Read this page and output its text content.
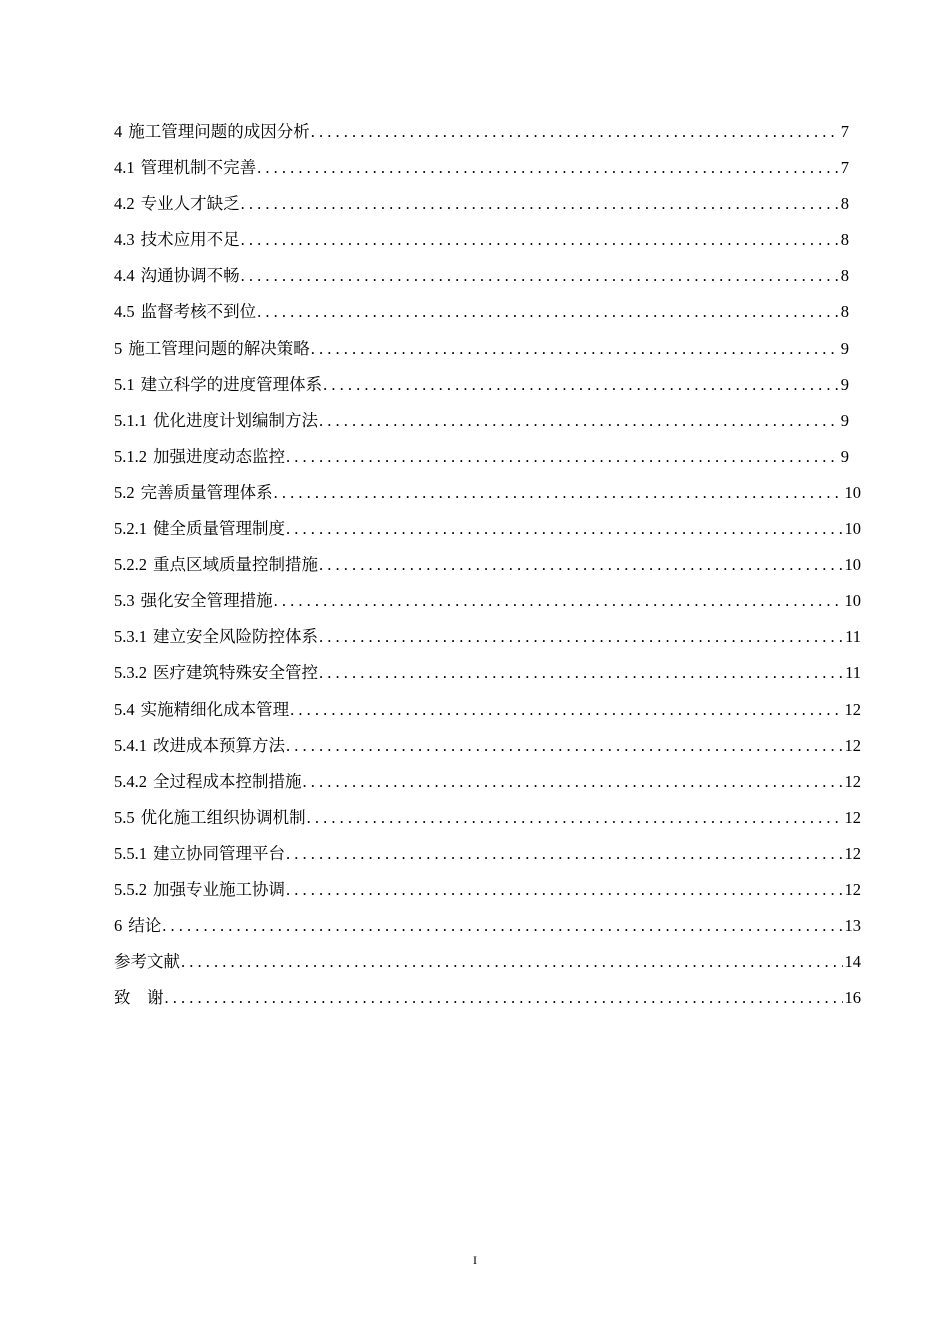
4 施工管理问题的成因分析 . . .	7
4.1 管理机制不完善 . . .	7
4.2 专业人才缺乏 . . .	8
4.3 技术应用不足 . . .	8
4.4 沟通协调不畅 . . .	8
4.5 监督考核不到位 . . .	8
5 施工管理问题的解决策略 . . .	9
5.1 建立科学的进度管理体系 . . .	9
5.1.1 优化进度计划编制方法 . . .	9
5.1.2 加强进度动态监控 . . .	9
5.2 完善质量管理体系 . . .	10
5.2.1 健全质量管理制度 . . .	10
5.2.2 重点区域质量控制措施 . . .	10
5.3 强化安全管理措施 . . .	10
5.3.1 建立安全风险防控体系 . . .	11
5.3.2 医疗建筑特殊安全管控 . . .	11
5.4 实施精细化成本管理 . . .	12
5.4.1 改进成本预算方法 . . .	12
5.4.2 全过程成本控制措施 . . .	12
5.5 优化施工组织协调机制 . . .	12
5.5.1 建立协同管理平台 . . .	12
5.5.2 加强专业施工协调 . . .	12
6 结论 . . .	13
参考文献 . . .	14
致　谢 . . .	16
I
